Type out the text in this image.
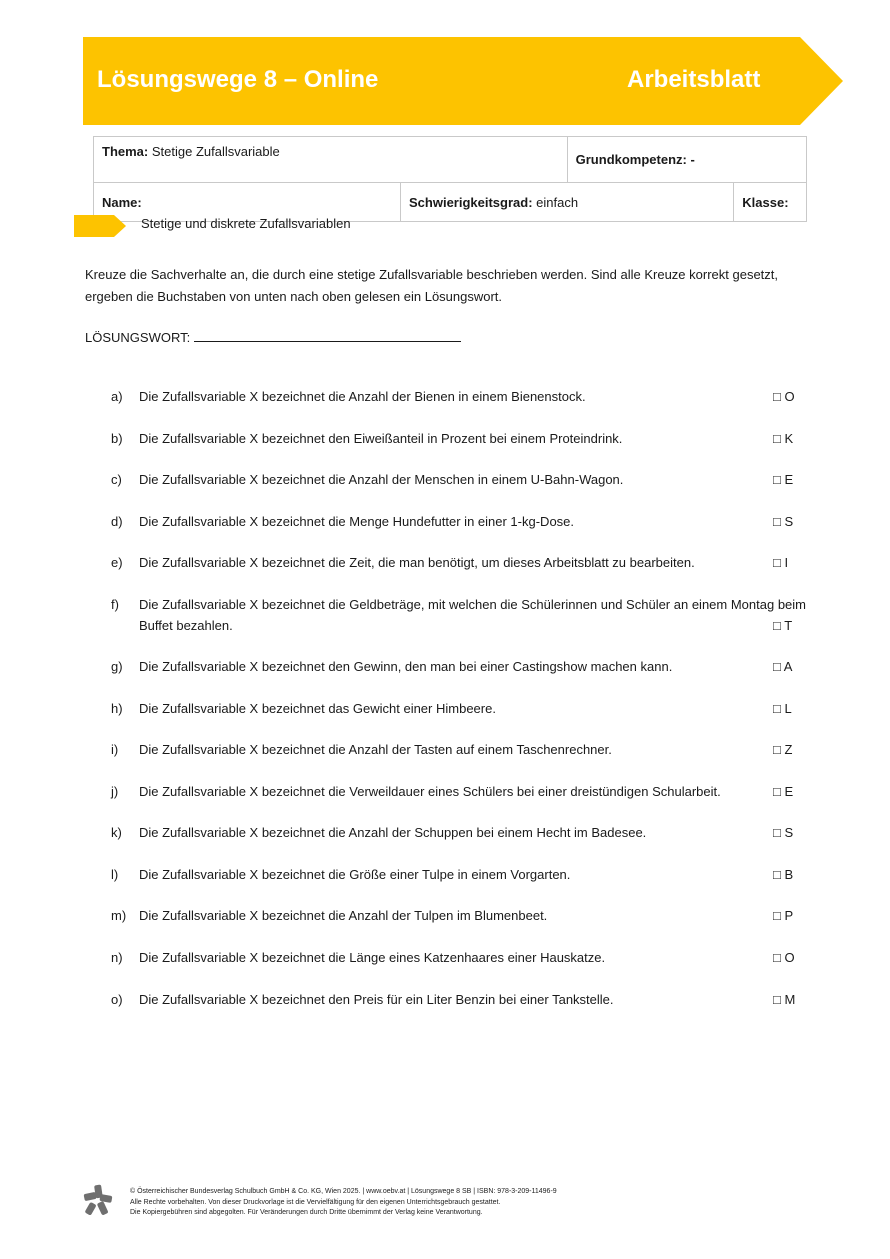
Lösungswege 8 – Online	Arbeitsblatt
Thema: Stetige Zufallsvariable		Grundkompetenz: -	
Name:	Schwierigkeitsgrad: einfach		Klasse:
Stetige und diskrete Zufallsvariablen
Kreuze die Sachverhalte an, die durch eine stetige Zufallsvariable beschrieben werden. Sind alle Kreuze korrekt gesetzt, ergeben die Buchstaben von unten nach oben gelesen ein Lösungswort.
LÖSUNGSWORT:
a) Die Zufallsvariable X bezeichnet die Anzahl der Bienen in einem Bienenstock.	□ O
b) Die Zufallsvariable X bezeichnet den Eiweißanteil in Prozent bei einem Proteindrink.	□ K
c) Die Zufallsvariable X bezeichnet die Anzahl der Menschen in einem U-Bahn-Wagon.	□ E
d) Die Zufallsvariable X bezeichnet die Menge Hundefutter in einer 1-kg-Dose.	□ S
e) Die Zufallsvariable X bezeichnet die Zeit, die man benötigt, um dieses Arbeitsblatt zu bearbeiten.	□ I
f) Die Zufallsvariable X bezeichnet die Geldbeträge, mit welchen die Schülerinnen und Schüler an einem Montag beim Buffet bezahlen.	□ T
g) Die Zufallsvariable X bezeichnet den Gewinn, den man bei einer Castingshow machen kann.	□ A
h) Die Zufallsvariable X bezeichnet das Gewicht einer Himbeere.	□ L
i) Die Zufallsvariable X bezeichnet die Anzahl der Tasten auf einem Taschenrechner.	□ Z
j) Die Zufallsvariable X bezeichnet die Verweildauer eines Schülers bei einer dreistündigen Schularbeit.	□ E
k) Die Zufallsvariable X bezeichnet die Anzahl der Schuppen bei einem Hecht im Badesee.	□ S
l) Die Zufallsvariable X bezeichnet die Größe einer Tulpe in einem Vorgarten.	□ B
m) Die Zufallsvariable X bezeichnet die Anzahl der Tulpen im Blumenbeet.	□ P
n) Die Zufallsvariable X bezeichnet die Länge eines Katzenhaares einer Hauskatze.	□ O
o) Die Zufallsvariable X bezeichnet den Preis für ein Liter Benzin bei einer Tankstelle.	□ M
© Österreichischer Bundesverlag Schulbuch GmbH & Co. KG, Wien 2025. | www.oebv.at | Lösungswege 8 SB | ISBN: 978-3-209-11496-9
Alle Rechte vorbehalten. Von dieser Druckvorlage ist die Vervielfältigung für den eigenen Unterrichtsgebrauch gestattet.
Die Kopiergebühren sind abgegolten. Für Veränderungen durch Dritte übernimmt der Verlag keine Verantwortung.
